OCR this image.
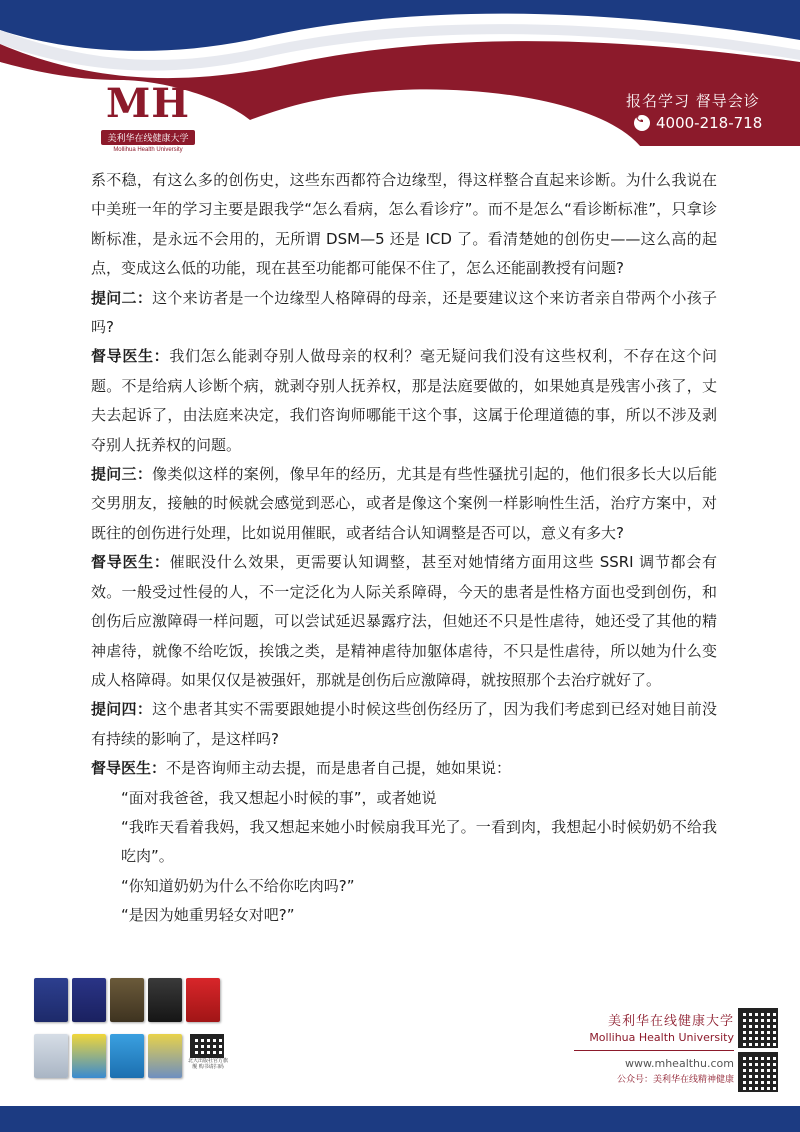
MH
美利华在线健康大学
Mollihua Health University
报名学习 督导会诊
4000-218-718

系不稳，有这么多的创伤史，这些东西都符合边缘型，得这样整合直起来诊断。为什么我说在中美班一年的学习主要是跟我学“怎么看病，怎么看诊疗”。而不是怎么“看诊断标准”，只拿诊断标准，是永远不会用的，无所谓 DSM—5 还是 ICD 了。看清楚她的创伤史——这么高的起点，变成这么低的功能，现在甚至功能都可能保不住了，怎么还能副教授有问题?

提问二：这个来访者是一个边缘型人格障碍的母亲，还是要建议这个来访者亲自带两个小孩子吗?

督导医生：我们怎么能剥夺别人做母亲的权利？毫无疑问我们没有这些权利，不存在这个问题。不是给病人诊断个病，就剥夺别人抚养权，那是法庭要做的，如果她真是残害小孩了，丈夫去起诉了，由法庭来决定，我们咨询师哪能干这个事，这属于伦理道德的事，所以不涉及剥夺别人抚养权的问题。

提问三：像类似这样的案例，像早年的经历，尤其是有些性骚扰引起的，他们很多长大以后能交男朋友，接触的时候就会感觉到恶心，或者是像这个案例一样影响性生活，治疗方案中，对既往的创伤进行处理，比如说用催眠，或者结合认知调整是否可以，意义有多大?

督导医生：催眠没什么效果，更需要认知调整，甚至对她情绪方面用这些 SSRI 调节都会有效。一般受过性侵的人，不一定泛化为人际关系障碍，今天的患者是性格方面也受到创伤，和创伤后应激障碍一样问题，可以尝试延迟暴露疗法，但她还不只是性虐待，她还受了其他的精神虐待，就像不给吃饭，挨饿之类，是精神虐待加躯体虐待，不只是性虐待，所以她为什么变成人格障碍。如果仅仅是被强奸，那就是创伤后应激障碍，就按照那个去治疗就好了。

提问四：这个患者其实不需要跟她提小时候这些创伤经历了，因为我们考虑到已经对她目前没有持续的影响了，是这样吗?

督导医生：不是咨询师主动去提，而是患者自己提，她如果说：

“面对我爸爸，我又想起小时候的事”，或者她说

“我昨天看着我妈，我又想起来她小时候扇我耳光了。一看到肉，我想起小时候奶奶不给我吃肉”。

“你知道奶奶为什么不给你吃肉吗?”

“是因为她重男轻女对吧?”

北大出版社官方旗舰 购书请扫码
美利华在线健康大学
Mollihua Health University
www.mhealthu.com
公众号：美利华在线精神健康
